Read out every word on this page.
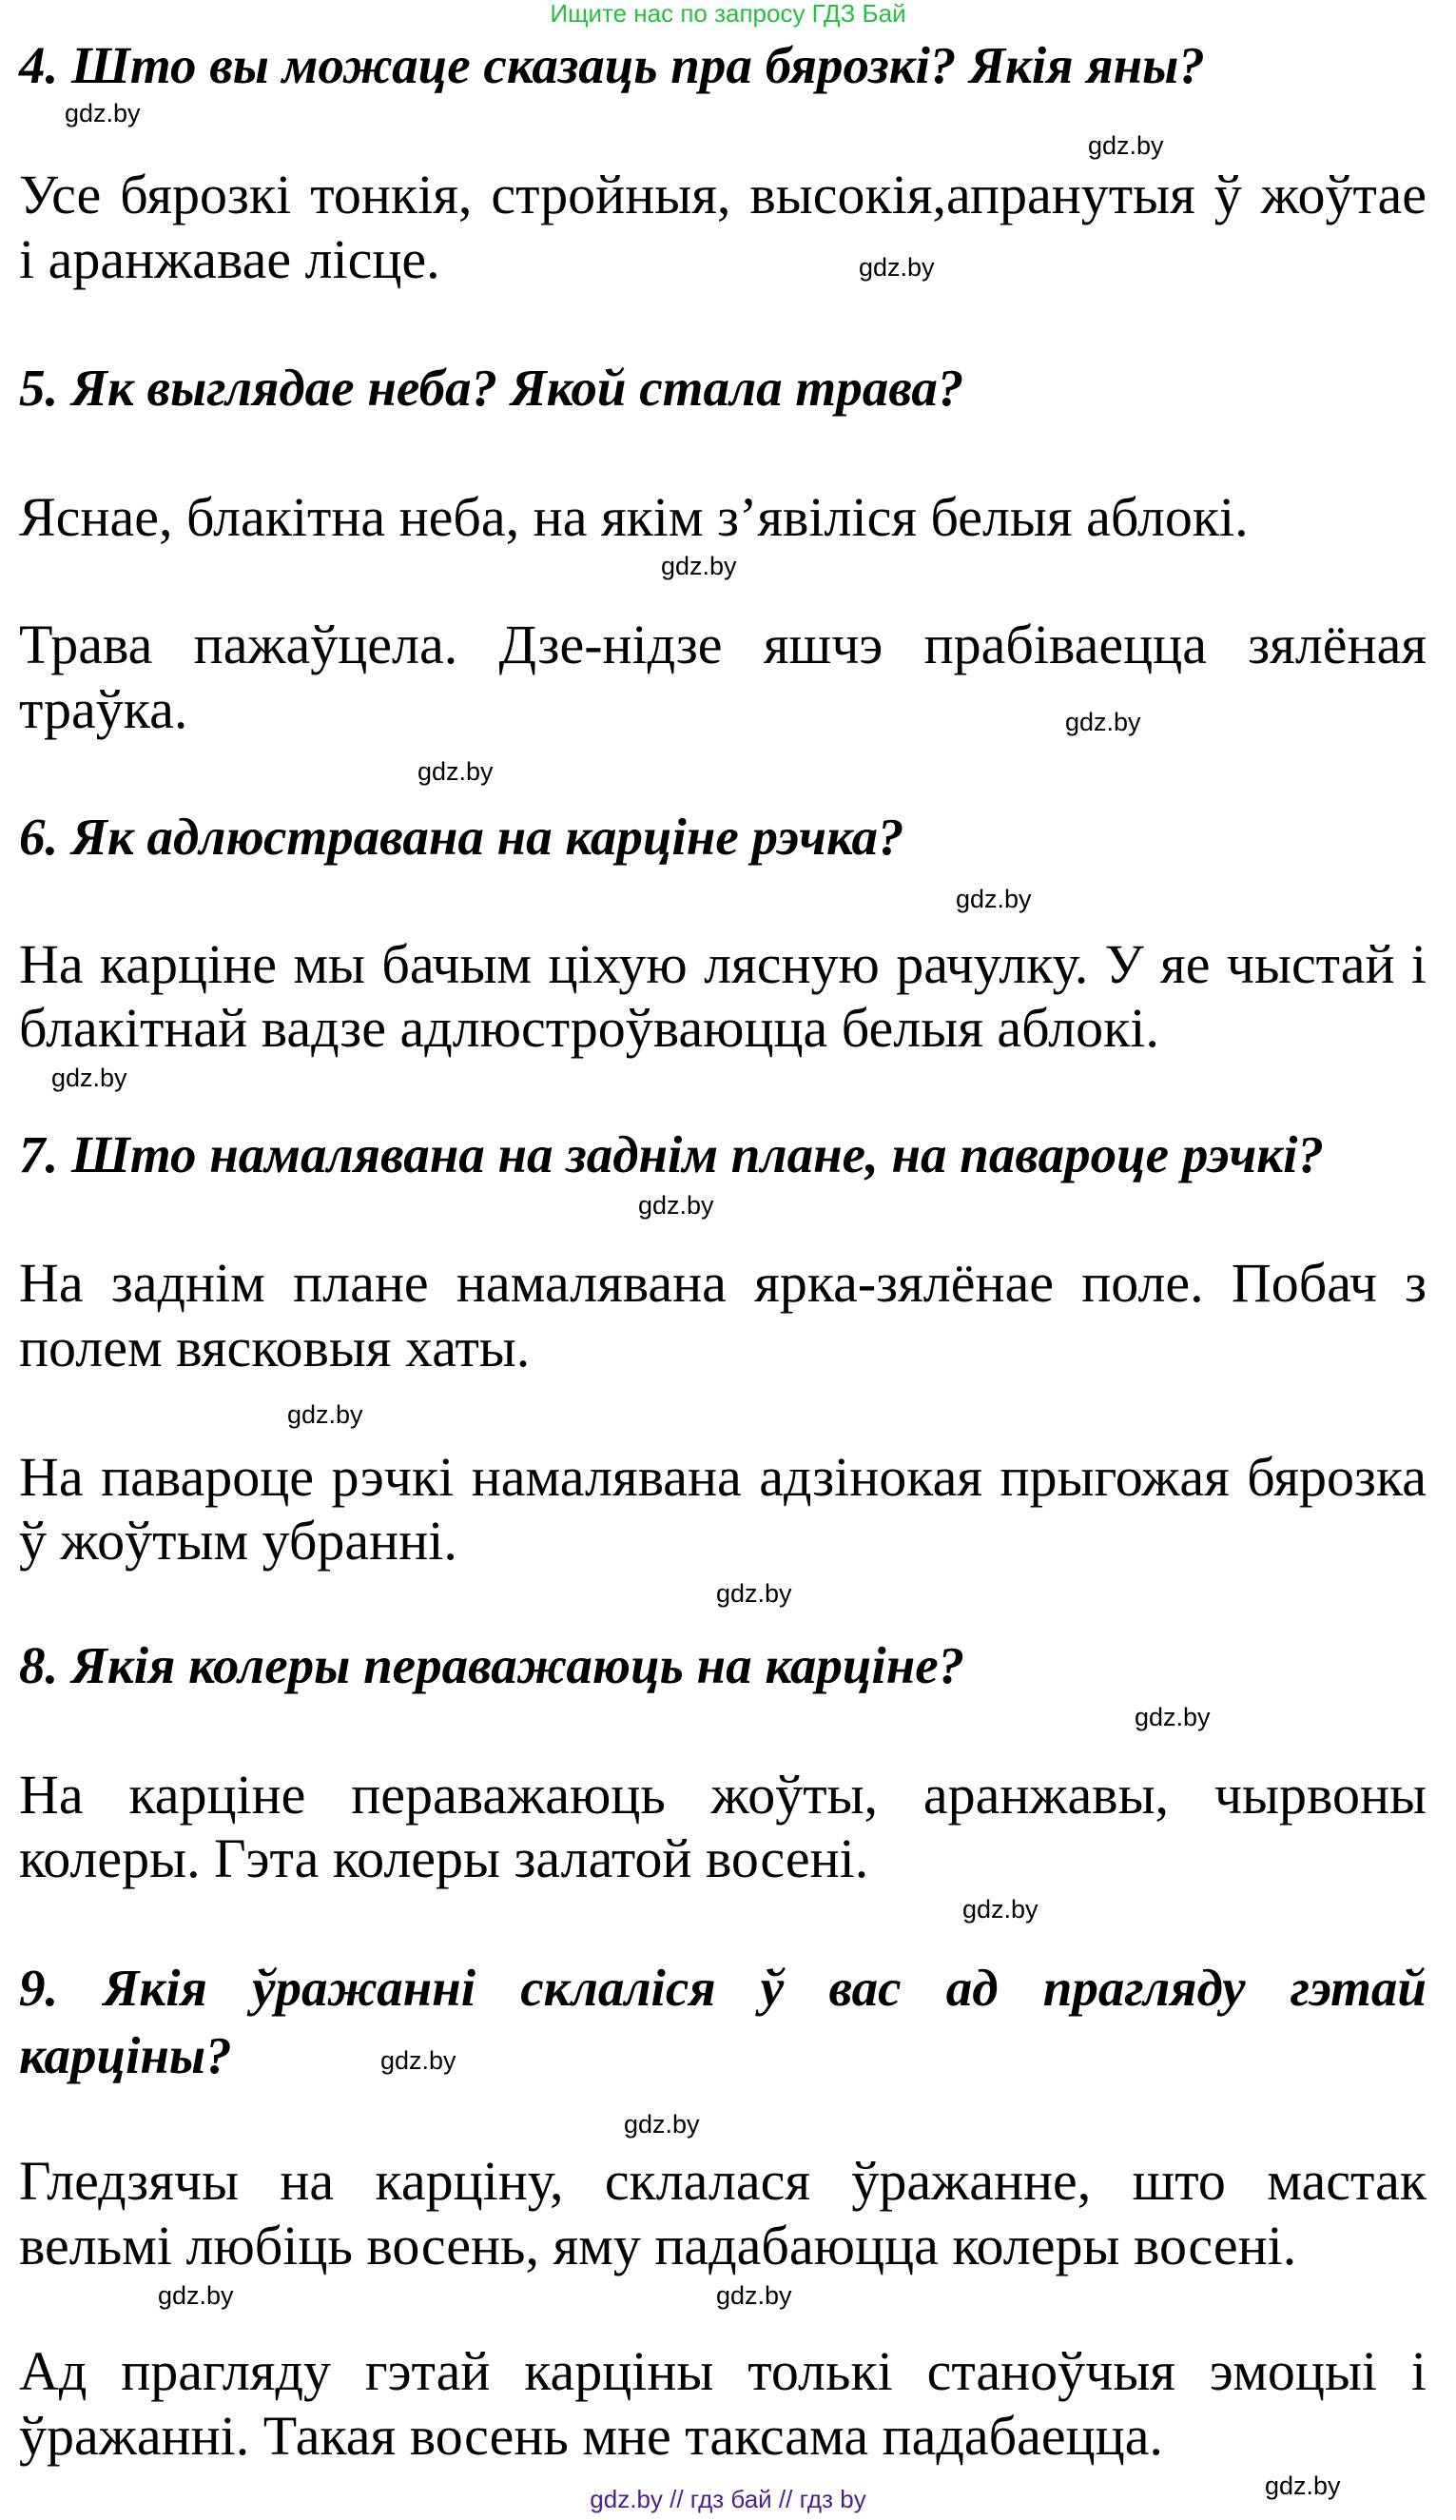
Ищите нас по запросу ГДЗ Бай
4. Што вы можаце сказаць пра бярозкі? Якія яны?
gdz.by
gdz.by
Усе бярозкі тонкія, стройныя, высокія,апранутыя ў жоўтае
і аранжавае лісце.	gdz.by
5. Як выглядае неба? Якой стала трава?
Яснае, блакітна неба, на якім з’явіліся белыя аблокі.
gdz.by
Трава пажаўцела. Дзе-нідзе яшчэ прабіваецца зялёная
траўка.	gdz.by
gdz.by
6. Як адлюстравана на карціне рэчка?
gdz.by
На карціне мы бачым ціхую лясную рачулку. У яе чыстай і
блакітнай вадзе адлюстроўваюцца белыя аблокі.
gdz.by
7. Што намалявана на заднім плане, на павароце рэчкі?
gdz.by
На заднім плане намалявана ярка-зялёнае поле. Побач з
полем вясковыя хаты.
gdz.by
На павароце рэчкі намалявана адзінокая прыгожая бярозка
ў жоўтым убранні.
gdz.by
8. Якія колеры пераважаюць на карціне?
gdz.by
На карціне пераважаюць жоўты, аранжавы, чырвоны
колеры. Гэта колеры залатой восені.
gdz.by
9. Якія ўражанні склаліся ў вас ад прагляду гэтай
карціны?	gdz.by
gdz.by
Гледзячы на карціну, склалася ўражанне, што мастак
вельмі любіць восень, яму падабаюцца колеры восені.
gdz.by	gdz.by
Ад прагляду гэтай карціны толькі станоўчыя эмоцыі і
ўражанні. Такая восень мне таксама падабаецца.
gdz.by
gdz.by // гдз бай // гдз by
